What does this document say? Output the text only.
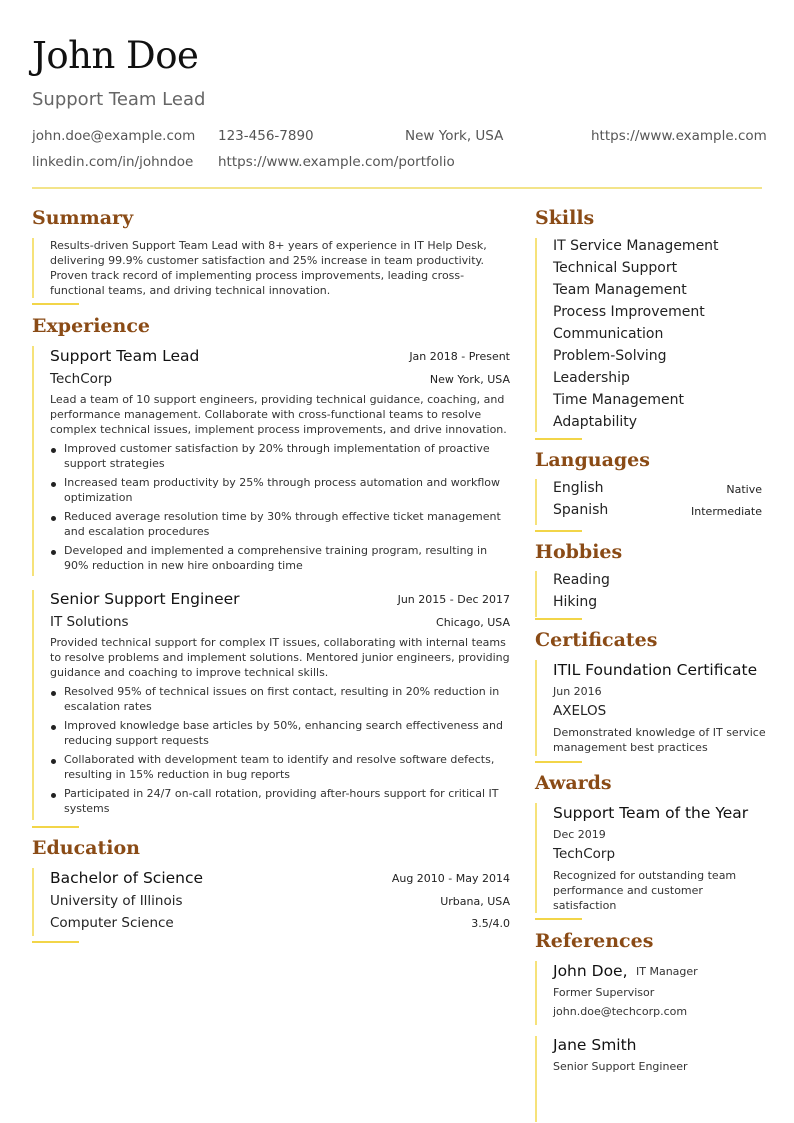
John Doe
Support Team Lead
john.doe@example.com 123-456-7890	New York, USA	https://www.example.com
linkedin.com/in/johndoe https://www.example.com/portfolio
Summary
Results-driven Support Team Lead with 8+ years of experience in IT Help Desk, delivering 99.9% customer satisfaction and 25% increase in team productivity. Proven track record of implementing process improvements, leading cross-functional teams, and driving technical innovation.
Experience
Support Team Lead	Jan 2018 - Present
TechCorp	New York, USA
Lead a team of 10 support engineers, providing technical guidance, coaching, and performance management. Collaborate with cross-functional teams to resolve complex technical issues, implement process improvements, and drive innovation.
Improved customer satisfaction by 20% through implementation of proactive support strategies
Increased team productivity by 25% through process automation and workflow optimization
Reduced average resolution time by 30% through effective ticket management and escalation procedures
Developed and implemented a comprehensive training program, resulting in 90% reduction in new hire onboarding time
Senior Support Engineer	Jun 2015 - Dec 2017
IT Solutions	Chicago, USA
Provided technical support for complex IT issues, collaborating with internal teams to resolve problems and implement solutions. Mentored junior engineers, providing guidance and coaching to improve technical skills.
Resolved 95% of technical issues on first contact, resulting in 20% reduction in escalation rates
Improved knowledge base articles by 50%, enhancing search effectiveness and reducing support requests
Collaborated with development team to identify and resolve software defects, resulting in 15% reduction in bug reports
Participated in 24/7 on-call rotation, providing after-hours support for critical IT systems
Education
Bachelor of Science	Aug 2010 - May 2014
University of Illinois	Urbana, USA
Computer Science	3.5/4.0
Skills
IT Service Management
Technical Support
Team Management
Process Improvement
Communication
Problem-Solving
Leadership
Time Management
Adaptability
Languages
English	Native
Spanish	Intermediate
Hobbies
Reading
Hiking
Certificates
ITIL Foundation Certificate
Jun 2016
AXELOS
Demonstrated knowledge of IT service management best practices
Awards
Support Team of the Year
Dec 2019
TechCorp
Recognized for outstanding team performance and customer satisfaction
References
John Doe, IT Manager
Former Supervisor
john.doe@techcorp.com
Jane Smith
Senior Support Engineer
